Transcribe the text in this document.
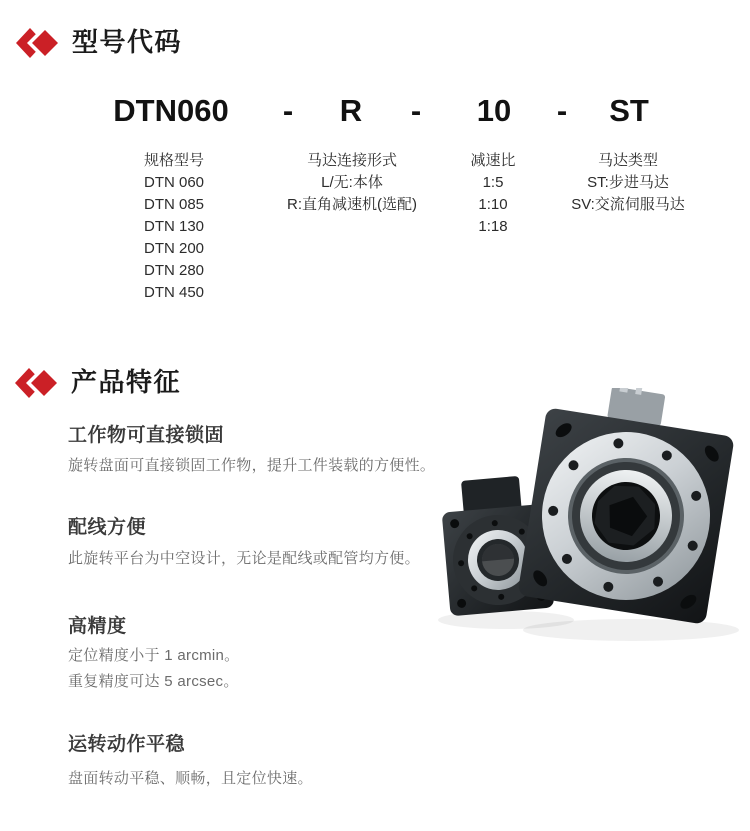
型号代码
DTN060 - R - 10 - ST
规格型号
DTN 060
DTN 085
DTN 130
DTN 200
DTN 280
DTN 450
马达连接形式
L/无:本体
R:直角减速机(选配)
减速比
1:5
1:10
1:18
马达类型
ST:步进马达
SV:交流伺服马达
产品特征
工作物可直接锁固

旋转盘面可直接锁固工作物，提升工件装载的方便性。

配线方便

此旋转平台为中空设计，无论是配线或配管均方便。

高精度

定位精度小于 1 arcmin。

重复精度可达 5 arcsec。

运转动作平稳

盘面转动平稳、顺畅，且定位快速。
